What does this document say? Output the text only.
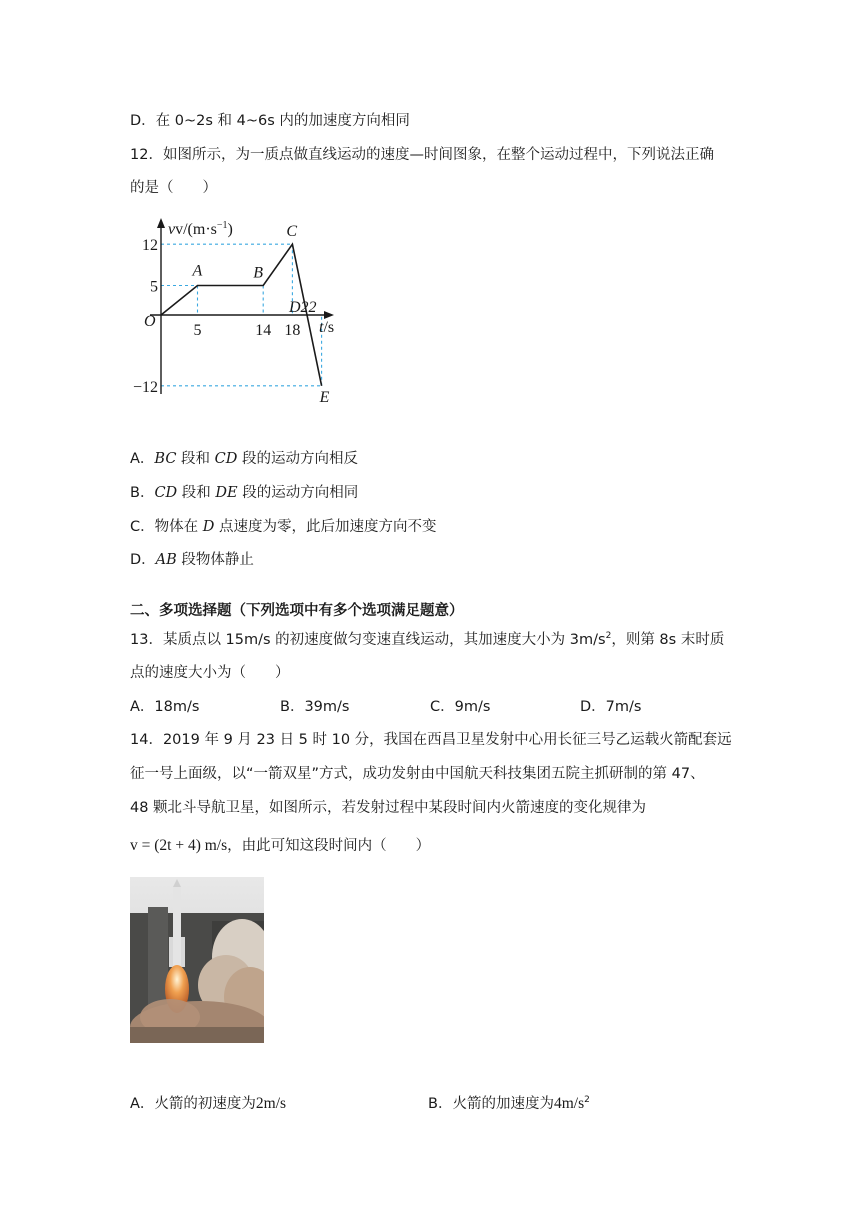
D．在 0~2s 和 4~6s 内的加速度方向相同
12．如图所示，为一质点做直线运动的速度—时间图象，在整个运动过程中，下列说法正确
的是（　　）
A	B
C
E
5	14 18
12
5
−12
$vv/(m\cdot s^{-1})$
t/s
O
D22
A．BC 段和 CD 段的运动方向相反
B．CD 段和 DE 段的运动方向相同
C．物体在 D 点速度为零，此后加速度方向不变
D．AB 段物体静止
二、多项选择题（下列选项中有多个选项满足题意）
13．某质点以 15m/s 的初速度做匀变速直线运动，其加速度大小为 $3m/s^2$，则第 8s 末时质
点的速度大小为（　　）
A．18m/s	B．39m/s	C．9m/s	D．7m/s
14．2019 年 9 月 23 日 5 时 10 分，我国在西昌卫星发射中心用长征三号乙运载火箭配套远
征一号上面级，以“一箭双星”方式，成功发射由中国航天科技集团五院主抓研制的第 47、
48 颗北斗导航卫星，如图所示，若发射过程中某段时间内火箭速度的变化规律为
v = (2t + 4) m/s，由此可知这段时间内（　　）
A．火箭的初速度为2m/s	B．火箭的加速度为$4m/s^2$
